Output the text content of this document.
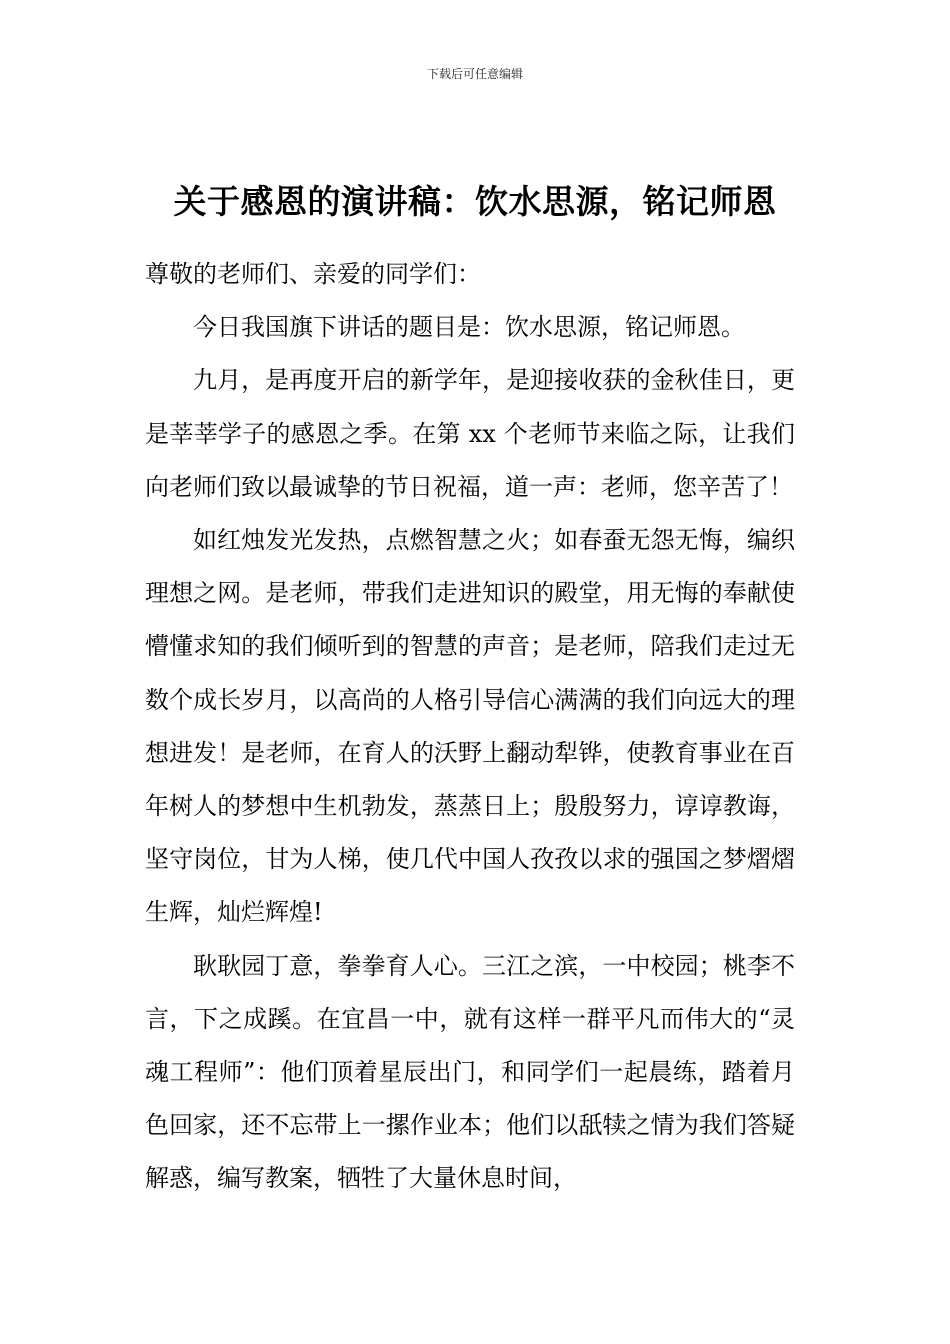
下载后可任意编辑
关于感恩的演讲稿：饮水思源，铭记师恩

尊敬的老师们、亲爱的同学们：

今日我国旗下讲话的题目是：饮水思源，铭记师恩。

九月，是再度开启的新学年，是迎接收获的金秋佳日，更是莘莘学子的感恩之季。在第 xx 个老师节来临之际，让我们向老师们致以最诚挚的节日祝福，道一声：老师，您辛苦了！

如红烛发光发热，点燃智慧之火；如春蚕无怨无悔，编织理想之网。是老师，带我们走进知识的殿堂，用无悔的奉献使懵懂求知的我们倾听到的智慧的声音；是老师，陪我们走过无数个成长岁月，以高尚的人格引导信心满满的我们向远大的理想进发！是老师，在育人的沃野上翻动犁铧，使教育事业在百年树人的梦想中生机勃发，蒸蒸日上；殷殷努力，谆谆教诲，坚守岗位，甘为人梯，使几代中国人孜孜以求的强国之梦熠熠生辉，灿烂辉煌!

耿耿园丁意，拳拳育人心。三江之滨，一中校园；桃李不言，下之成蹊。在宜昌一中，就有这样一群平凡而伟大的“灵魂工程师”：他们顶着星辰出门，和同学们一起晨练，踏着月色回家，还不忘带上一摞作业本；他们以舐犊之情为我们答疑解惑，编写教案，牺牲了大量休息时间，
